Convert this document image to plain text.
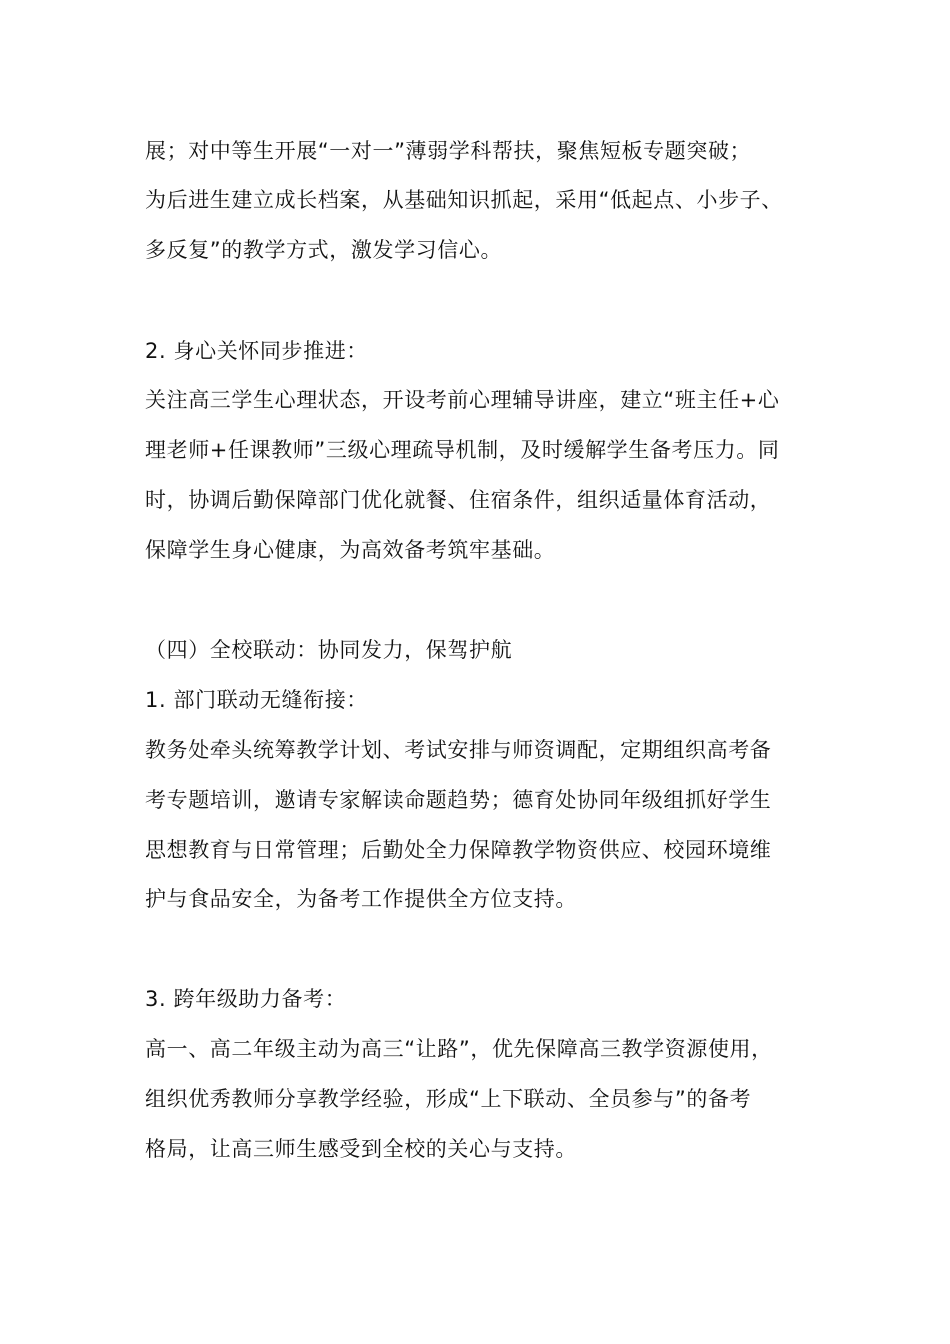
展；对中等生开展“一对一”薄弱学科帮扶，聚焦短板专题突破；
为后进生建立成长档案，从基础知识抓起，采用“低起点、小步子、
多反复”的教学方式，激发学习信心。
2. 身心关怀同步推进：
关注高三学生心理状态，开设考前心理辅导讲座，建立“班主任+心
理老师+任课教师”三级心理疏导机制，及时缓解学生备考压力。同
时，协调后勤保障部门优化就餐、住宿条件，组织适量体育活动，
保障学生身心健康，为高效备考筑牢基础。
（四）全校联动：协同发力，保驾护航
1. 部门联动无缝衔接：
教务处牵头统筹教学计划、考试安排与师资调配，定期组织高考备
考专题培训，邀请专家解读命题趋势；德育处协同年级组抓好学生
思想教育与日常管理；后勤处全力保障教学物资供应、校园环境维
护与食品安全，为备考工作提供全方位支持。
3. 跨年级助力备考：
高一、高二年级主动为高三“让路”，优先保障高三教学资源使用，
组织优秀教师分享教学经验，形成“上下联动、全员参与”的备考
格局，让高三师生感受到全校的关心与支持。
